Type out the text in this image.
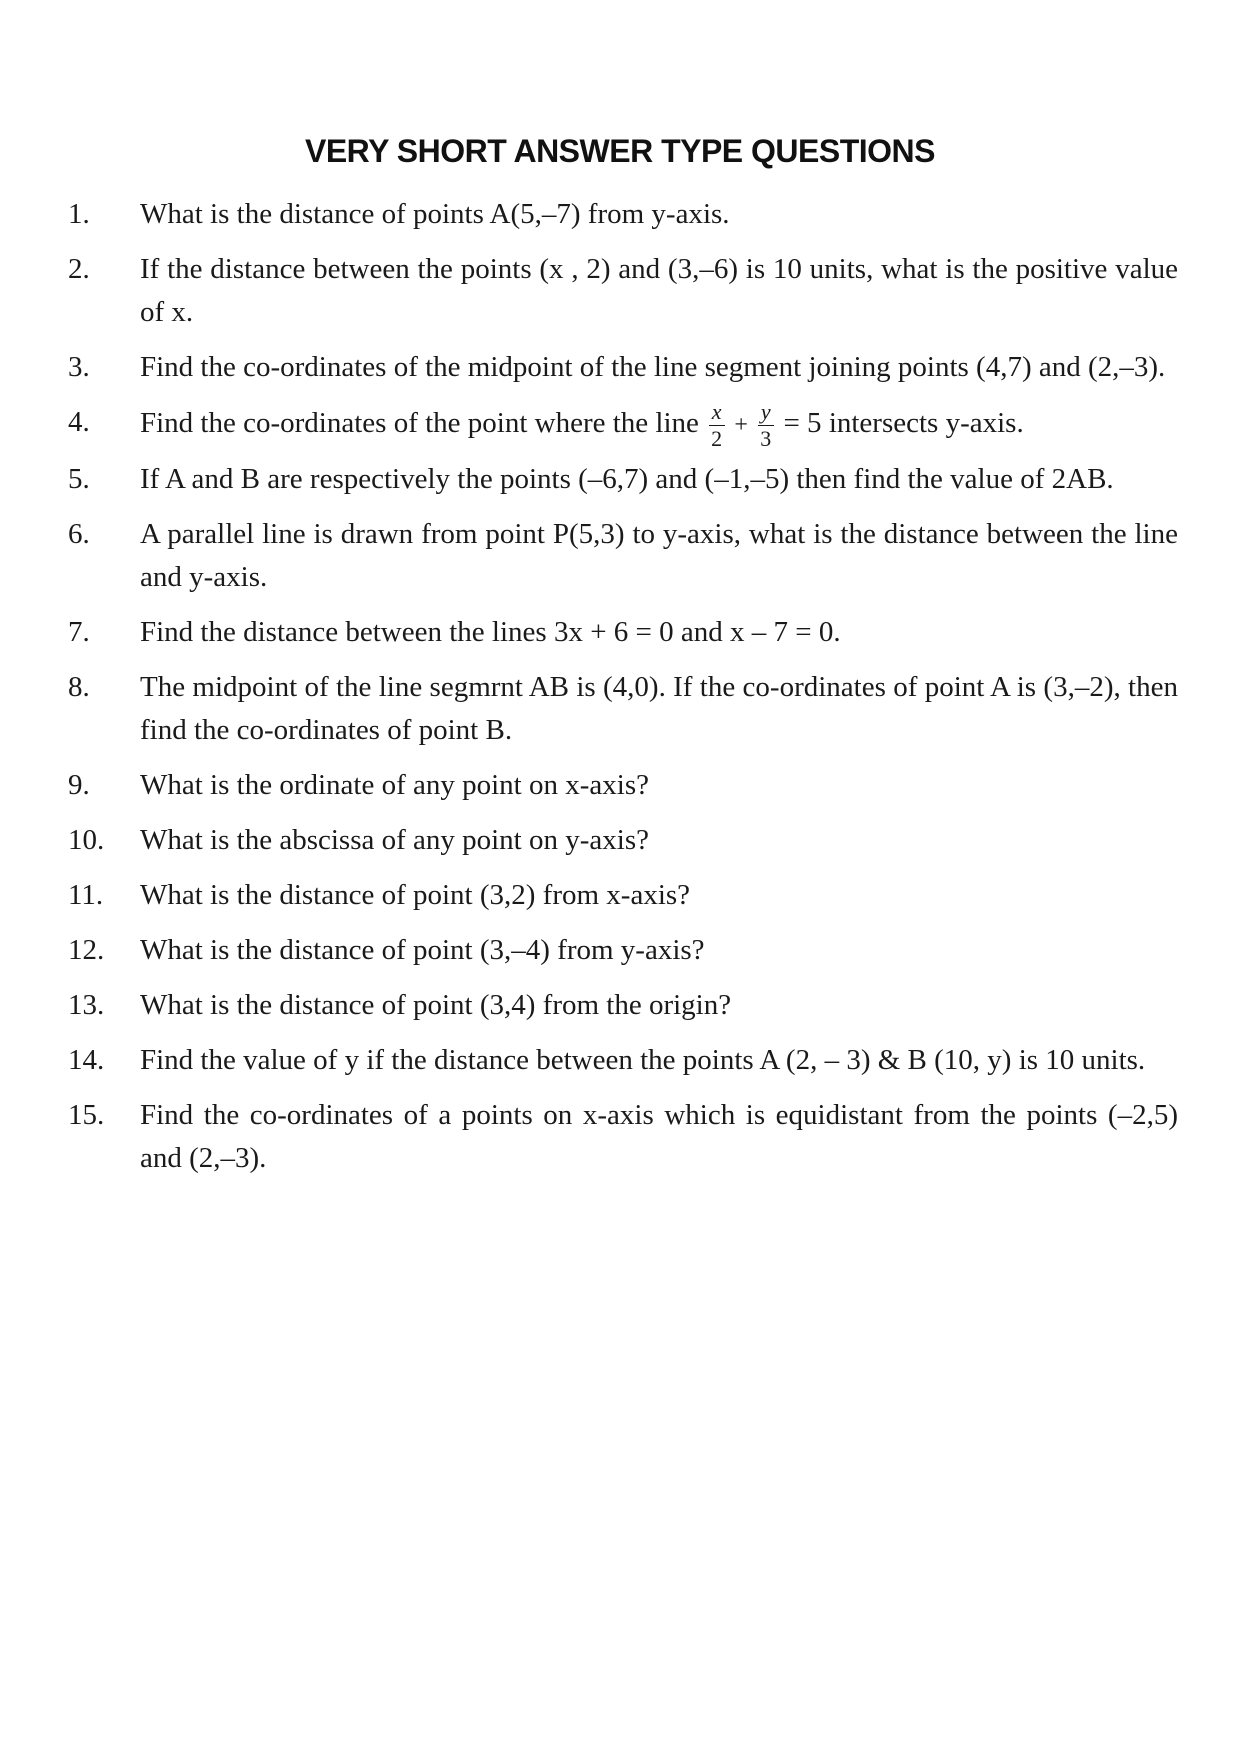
VERY SHORT ANSWER TYPE QUESTIONS
1.	What is the distance of points A(5,–7) from y-axis.
2.	If the distance between the points (x , 2) and (3,–6) is 10 units, what is the positive value of x.
3.	Find the co-ordinates of the midpoint of the line segment joining points (4,7) and (2,–3).
4.	Find the co-ordinates of the point where the line $\frac{x}{2} + \frac{y}{3} = 5$ intersects y-axis.
5.	If A and B are respectively the points (–6,7) and (–1,–5) then find the value of 2AB.
6.	A parallel line is drawn from point P(5,3) to y-axis, what is the distance between the line and y-axis.
7.	Find the distance between the lines 3x + 6 = 0 and x – 7 = 0.
8.	The midpoint of the line segmrnt AB is (4,0). If the co-ordinates of point A is (3,–2), then find the co-ordinates of point B.
9.	What is the ordinate of any point on x-axis?
10.	What is the abscissa of any point on y-axis?
11.	What is the distance of point (3,2) from x-axis?
12.	What is the distance of point (3,–4) from y-axis?
13.	What is the distance of point (3,4) from the origin?
14.	Find the value of y if the distance between the points A (2, – 3) & B (10, y) is 10 units.
15.	Find the co-ordinates of a points on x-axis which is equidistant from the points (–2,5) and (2,–3).
